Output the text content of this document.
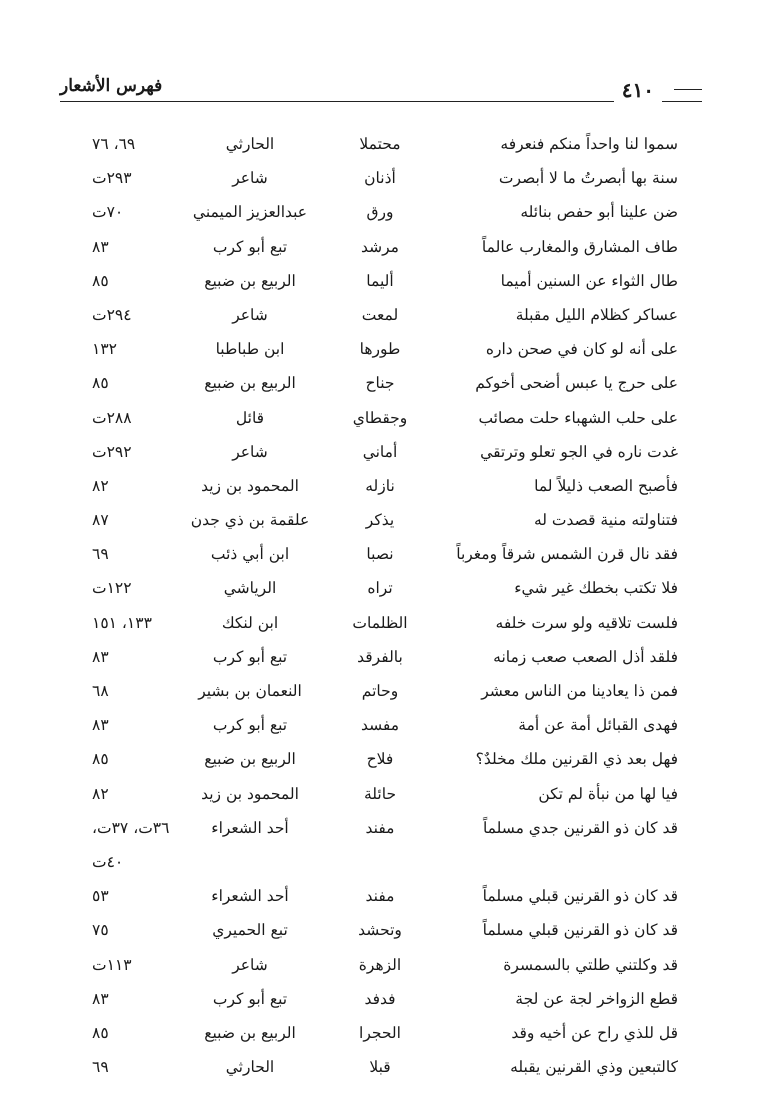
فهرس الأشعار	٤١٠
سموا لنا واحداً منكم فنعرفه
محتملا
الحارثي
٦٩، ٧٦
سنة بها أبصرتُ ما لا أبصرت
أذنان
شاعر
٢٩٣ت
ضن علينا أبو حفص بنائله
ورق
عبدالعزيز الميمني
٧٠ت
طاف المشارق والمغارب عالماً
مرشد
تبع أبو كرب
٨٣
طال الثواء عن السنين أميما
أليما
الربيع بن ضبيع
٨٥
عساكر كظلام الليل مقبلة
لمعت
شاعر
٢٩٤ت
على أنه لو كان في صحن داره
طورها
ابن طباطبا
١٣٢
على حرج يا عبس أضحى أخوكم
جناح
الربيع بن ضبيع
٨٥
على حلب الشهباء حلت مصائب
وجقطاي
قائل
٢٨٨ت
غدت ناره في الجو تعلو وترتقي
أماني
شاعر
٢٩٢ت
فأصبح الصعب ذليلاً لما
نازله
المحمود بن زيد
٨٢
فتناولته منية قصدت له
يذكر
علقمة بن ذي جدن
٨٧
فقد نال قرن الشمس شرقاً ومغرباً
نصبا
ابن أبي ذئب
٦٩
فلا تكتب بخطك غير شيء
تراه
الرياشي
١٢٢ت
فلست تلاقيه ولو سرت خلفه
الظلمات
ابن لنكك
١٣٣، ١٥١
فلقد أذل الصعب صعب زمانه
بالفرقد
تبع أبو كرب
٨٣
فمن ذا يعادينا من الناس معشر
وحاتم
النعمان بن بشير
٦٨
فهدى القبائل أمة عن أمة
مفسد
تبع أبو كرب
٨٣
فهل بعد ذي القرنين ملك مخلدٌ؟
فلاح
الربيع بن ضبيع
٨٥
فيا لها من نبأة لم تكن
حائلة
المحمود بن زيد
٨٢
قد كان ذو القرنين جدي مسلماً
مفند
أحد الشعراء
٣٦ت، ٣٧ت،
٤٠ت
قد كان ذو القرنين قبلي مسلماً
مفند
أحد الشعراء
٥٣
قد كان ذو القرنين قبلي مسلماً
وتحشد
تبع الحميري
٧٥
قد وكلتني طلتي بالسمسرة
الزهرة
شاعر
١١٣ت
قطع الزواخر لجة عن لجة
فدفد
تبع أبو كرب
٨٣
قل للذي راح عن أخيه وقد
الحجرا
الربيع بن ضبيع
٨٥
كالتبعين وذي القرنين يقبله
قبلا
الحارثي
٦٩
